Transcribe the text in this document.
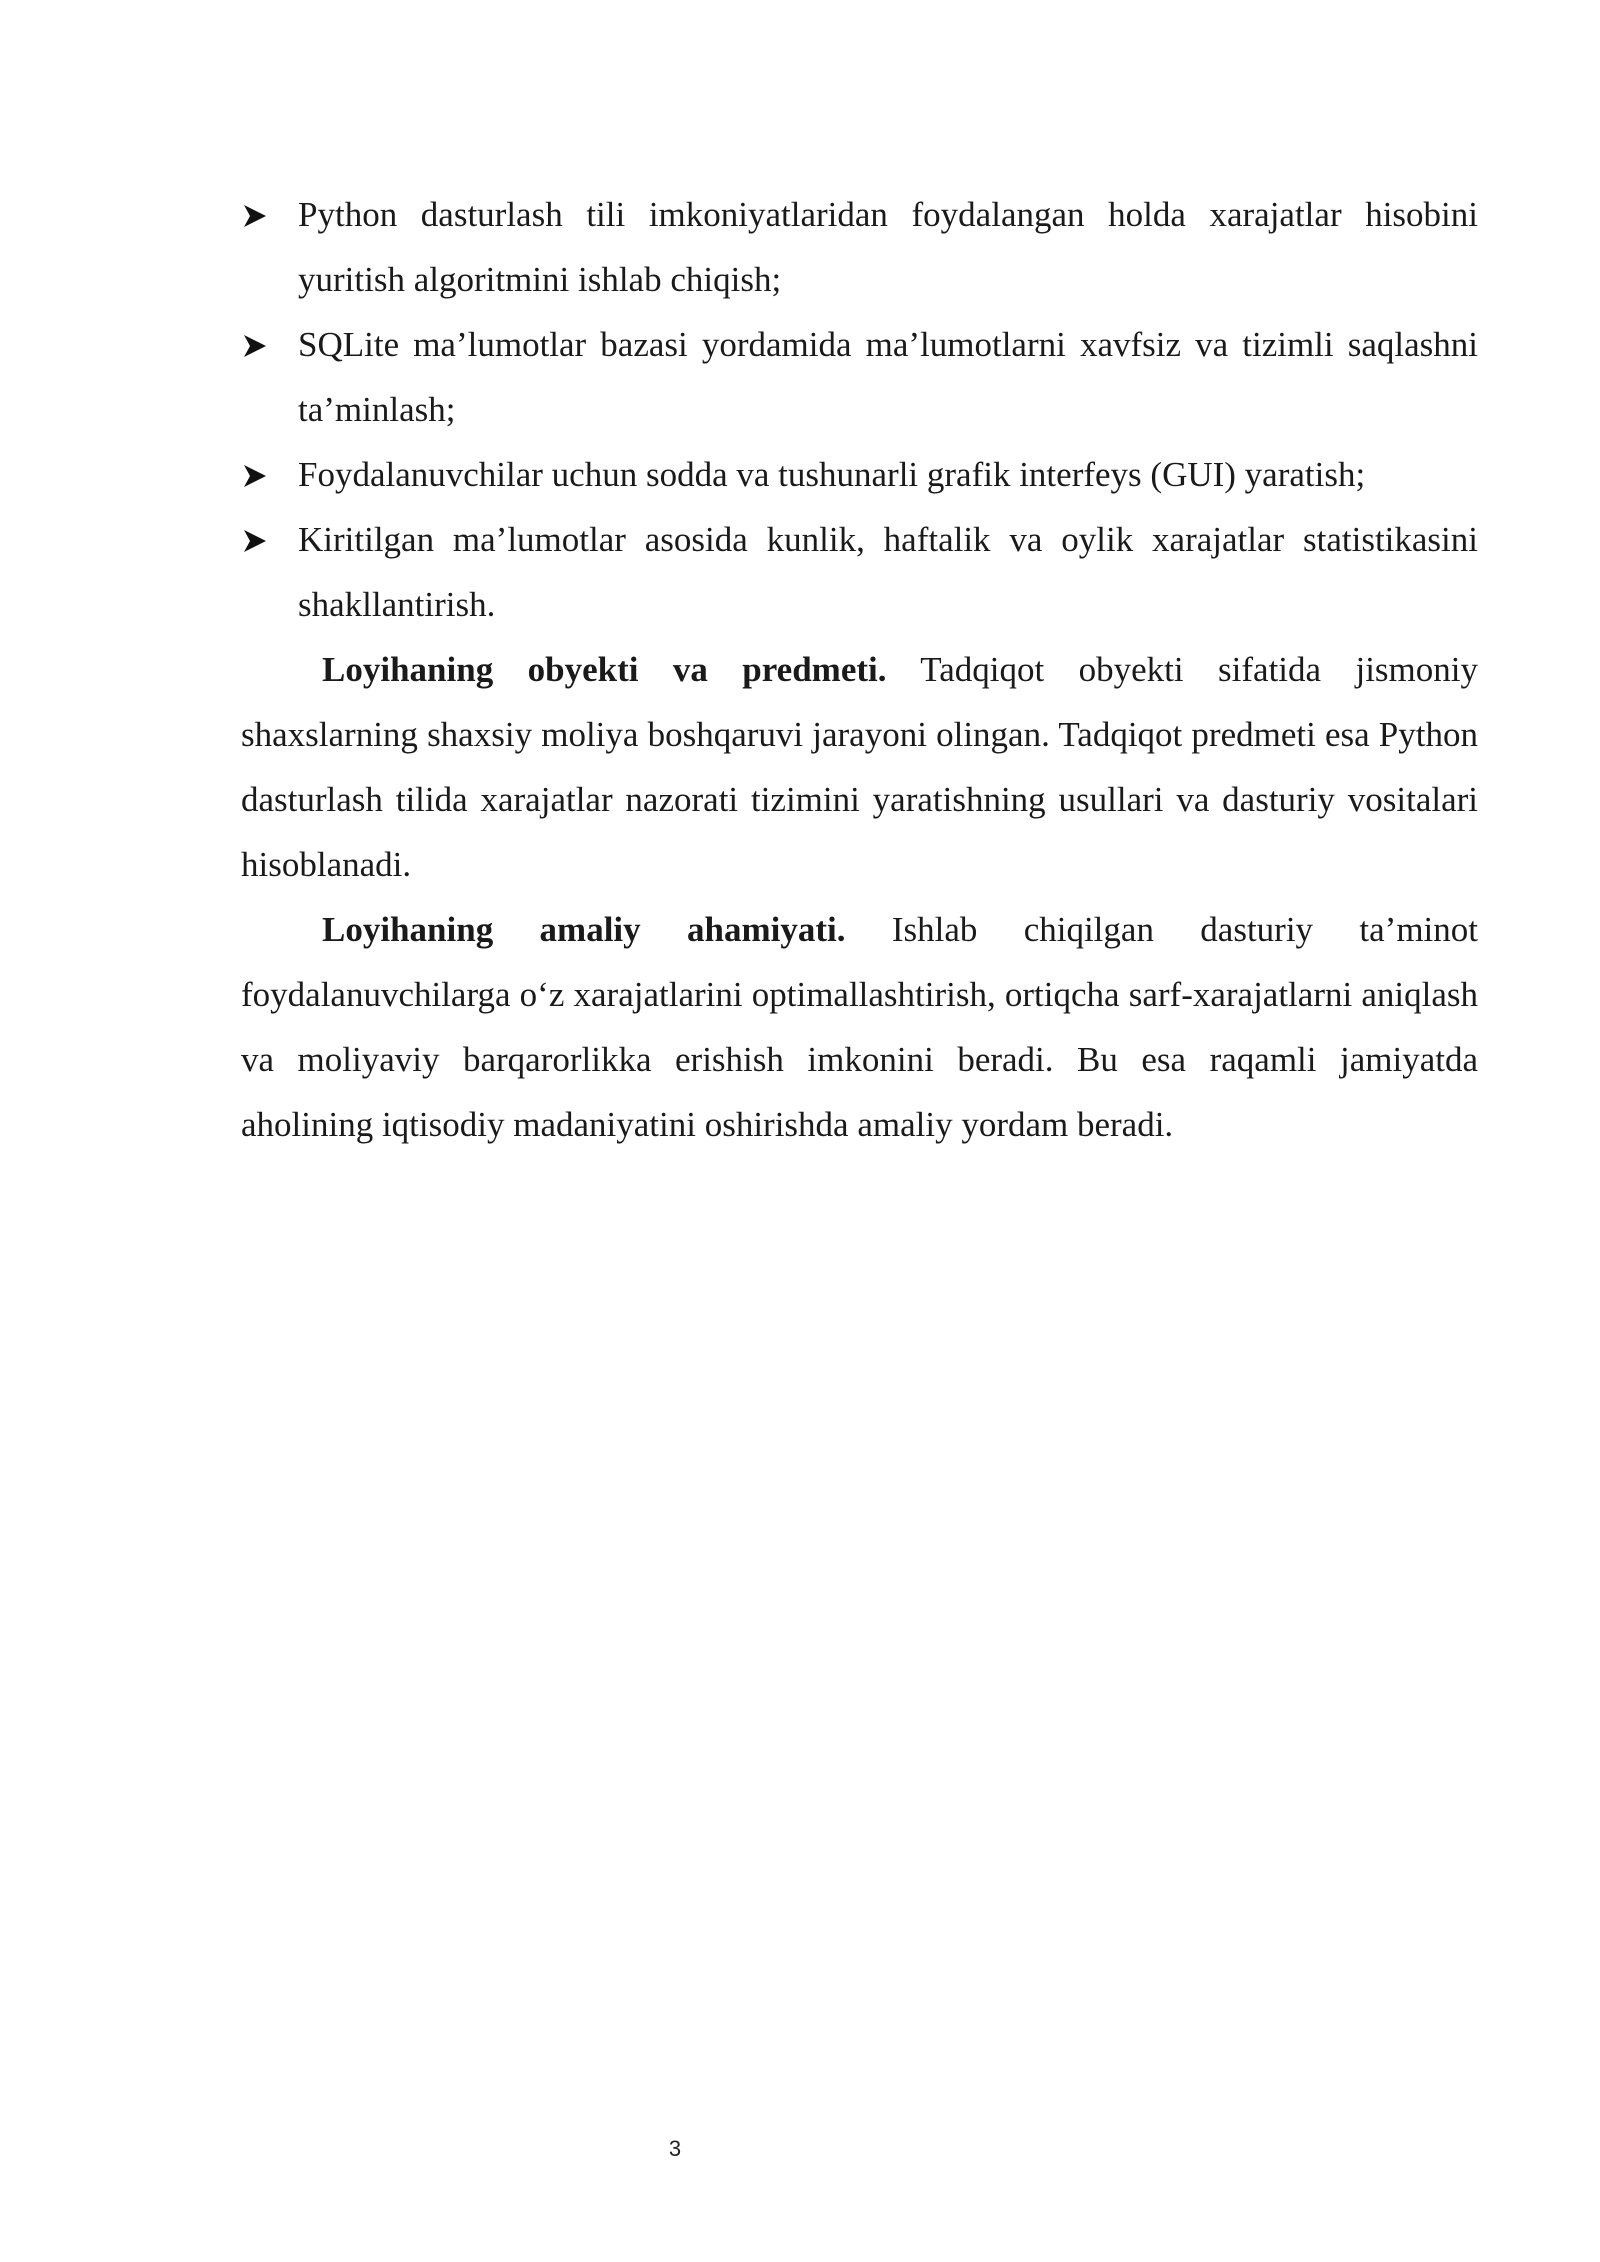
Python dasturlash tili imkoniyatlaridan foydalangan holda xarajatlar hisobini yuritish algoritmini ishlab chiqish;
SQLite ma’lumotlar bazasi yordamida ma’lumotlarni xavfsiz va tizimli saqlashni ta’minlash;
Foydalanuvchilar uchun sodda va tushunarli grafik interfeys (GUI) yaratish;
Kiritilgan ma’lumotlar asosida kunlik, haftalik va oylik xarajatlar statistikasini shakllantirish.

Loyihaning obyekti va predmeti. Tadqiqot obyekti sifatida jismoniy shaxslarning shaxsiy moliya boshqaruvi jarayoni olingan. Tadqiqot predmeti esa Python dasturlash tilida xarajatlar nazorati tizimini yaratishning usullari va dasturiy vositalari hisoblanadi.

Loyihaning amaliy ahamiyati. Ishlab chiqilgan dasturiy ta’minot foydalanuvchilarga o‘z xarajatlarini optimallashtirish, ortiqcha sarf-xarajatlarni aniqlash va moliyaviy barqarorlikka erishish imkonini beradi. Bu esa raqamli jamiyatda aholining iqtisodiy madaniyatini oshirishda amaliy yordam beradi.

3
